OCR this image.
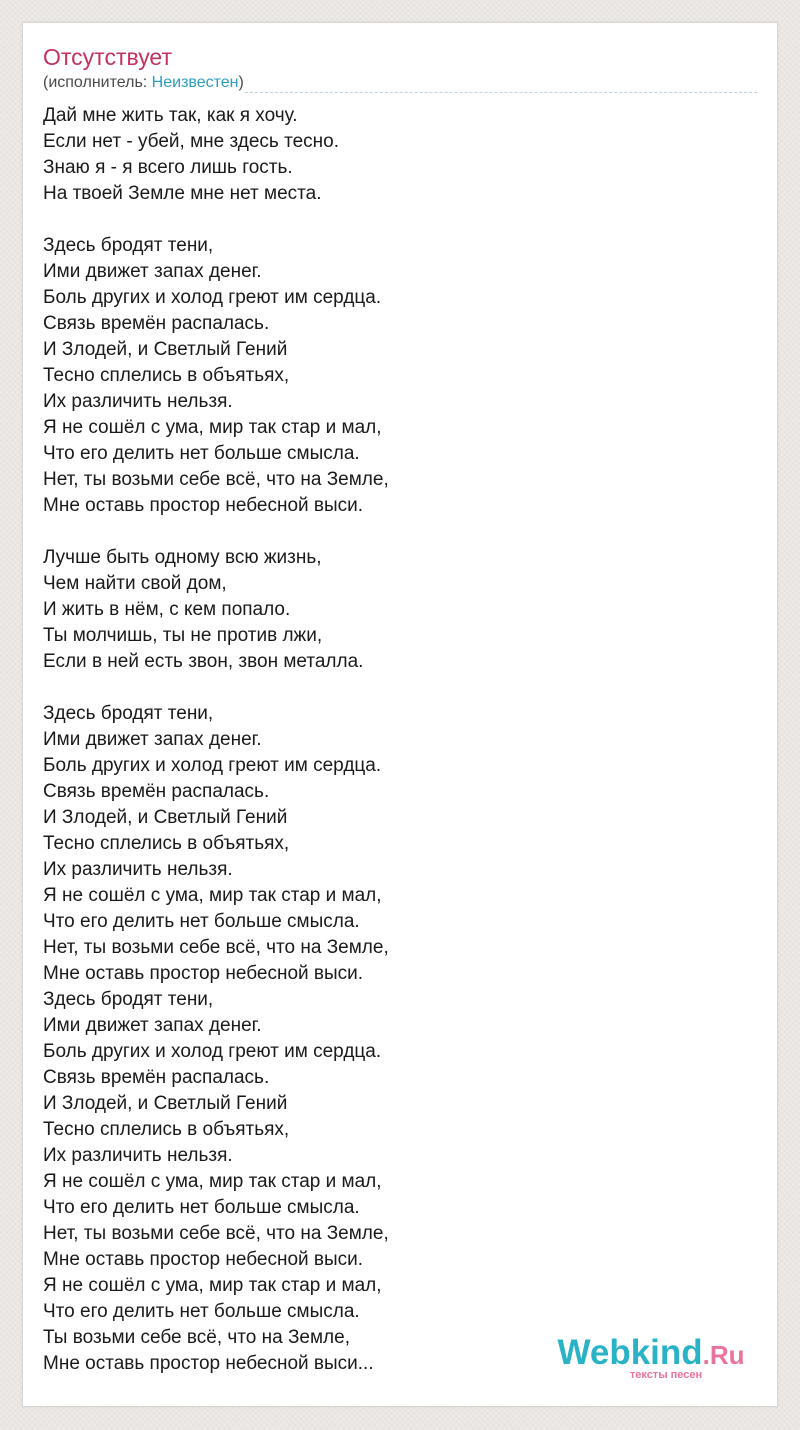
Отсутствует
(исполнитель: Неизвестен)
Дай мне жить так, как я хочу.
Если нет - убей, мне здесь тесно.
Знаю я - я всего лишь гость.
На твоей Земле мне нет места.
Здесь бродят тени,
Ими движет запах денег.
Боль других и холод греют им сердца.
Связь времён распалась.
И Злодей, и Светлый Гений
Тесно сплелись в объятьях,
Их различить нельзя.
Я не сошёл с ума, мир так стар и мал,
Что его делить нет больше смысла.
Нет, ты возьми себе всё, что на Земле,
Мне оставь простор небесной выси.
Лучше быть одному всю жизнь,
Чем найти свой дом,
И жить в нём, с кем попало.
Ты молчишь, ты не против лжи,
Если в ней есть звон, звон металла.
Здесь бродят тени,
Ими движет запах денег.
Боль других и холод греют им сердца.
Связь времён распалась.
И Злодей, и Светлый Гений
Тесно сплелись в объятьях,
Их различить нельзя.
Я не сошёл с ума, мир так стар и мал,
Что его делить нет больше смысла.
Нет, ты возьми себе всё, что на Земле,
Мне оставь простор небесной выси.
Здесь бродят тени,
Ими движет запах денег.
Боль других и холод греют им сердца.
Связь времён распалась.
И Злодей, и Светлый Гений
Тесно сплелись в объятьях,
Их различить нельзя.
Я не сошёл с ума, мир так стар и мал,
Что его делить нет больше смысла.
Нет, ты возьми себе всё, что на Земле,
Мне оставь простор небесной выси.
Я не сошёл с ума, мир так стар и мал,
Что его делить нет больше смысла.
Ты возьми себе всё, что на Земле,
Мне оставь простор небесной выси...	Webkind.Ru
тексты песен
